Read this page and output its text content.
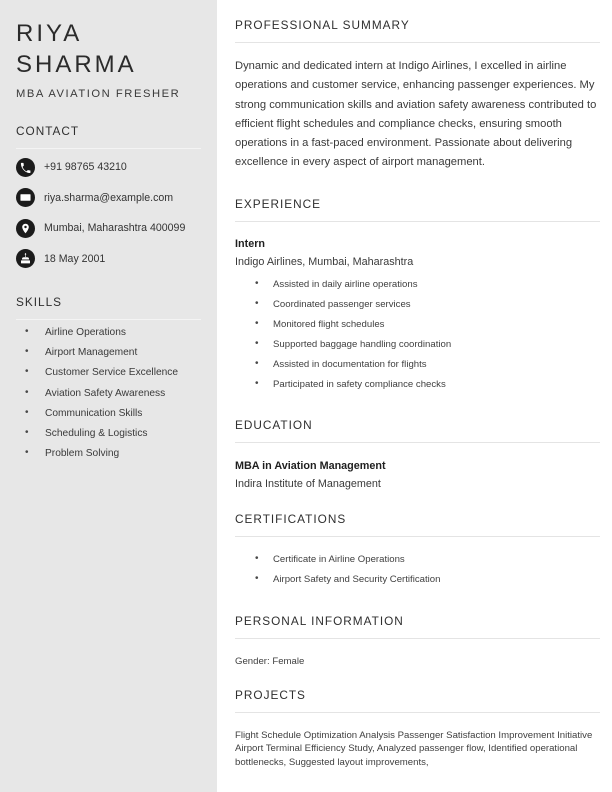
RIYA
SHARMA
MBA AVIATION FRESHER
CONTACT
+91 98765 43210
riya.sharma@example.com
Mumbai, Maharashtra 400099
18 May 2001
SKILLS
• Airline Operations
• Airport Management
• Customer Service Excellence
• Aviation Safety Awareness
• Communication Skills
• Scheduling & Logistics
• Problem Solving
PROFESSIONAL SUMMARY

Dynamic and dedicated intern at Indigo Airlines, I excelled in airline operations and customer service, enhancing passenger experiences. My strong communication skills and aviation safety awareness contributed to efficient flight schedules and compliance checks, ensuring smooth operations in a fast-paced environment. Passionate about delivering excellence in every aspect of airport management.

EXPERIENCE
Intern
Indigo Airlines, Mumbai, Maharashtra
• Assisted in daily airline operations
• Coordinated passenger services
• Monitored flight schedules
• Supported baggage handling coordination
• Assisted in documentation for flights
• Participated in safety compliance checks
EDUCATION
MBA in Aviation Management
Indira Institute of Management
CERTIFICATIONS
• Certificate in Airline Operations
• Airport Safety and Security Certification
PERSONAL INFORMATION
Gender: Female
PROJECTS
Flight Schedule Optimization Analysis Passenger Satisfaction Improvement Initiative Airport Terminal Efficiency Study, Analyzed passenger flow, Identified operational bottlenecks, Suggested layout improvements,
